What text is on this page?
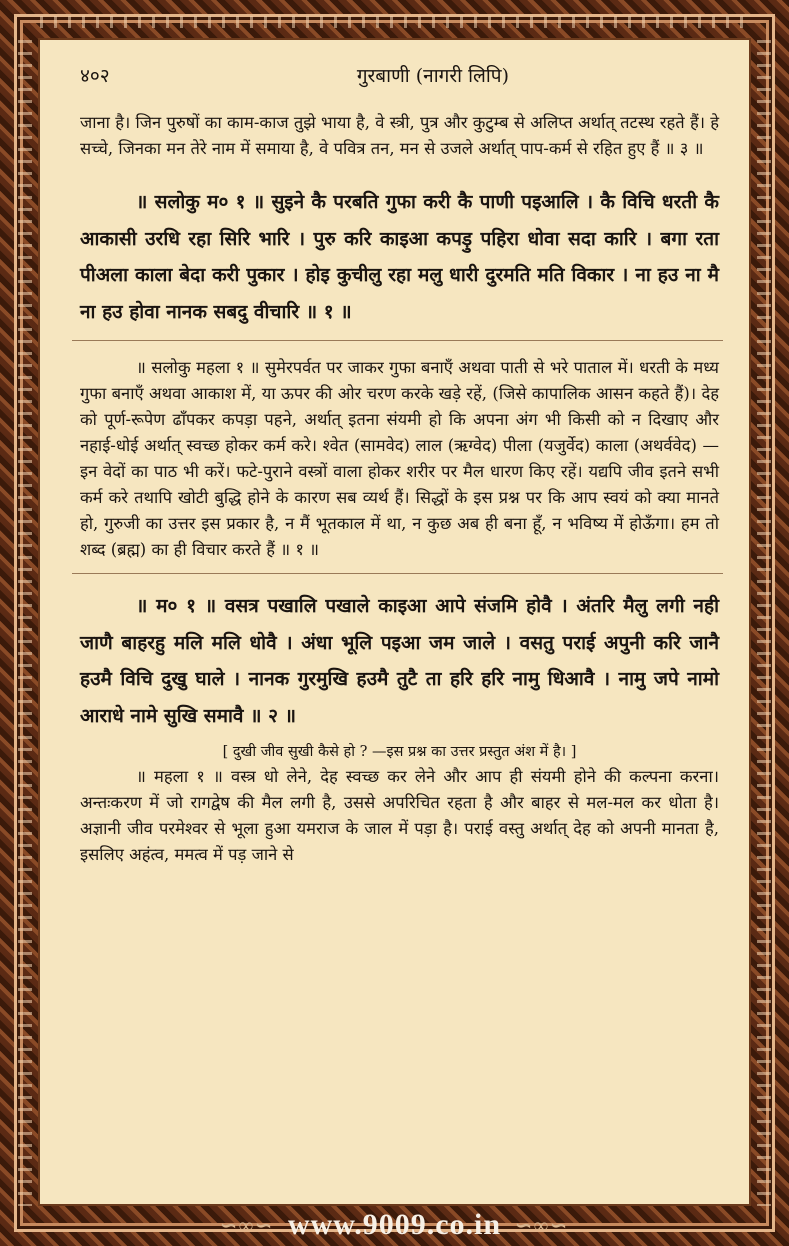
४०२	गुरबाणी (नागरी लिपि)

जाना है। जिन पुरुषों का काम-काज तुझे भाया है, वे स्त्री, पुत्र और कुटुम्ब से अलिप्त अर्थात् तटस्थ रहते हैं। हे सच्चे, जिनका मन तेरे नाम में समाया है, वे पवित्र तन, मन से उजले अर्थात् पाप-कर्म से रहित हुए हैं ॥ ३ ॥

॥ सलोकु म० १ ॥ सुइने कै परबति गुफा करी कै पाणी पइआलि । कै विचि धरती कै आकासी उरधि रहा सिरि भारि । पुरु करि काइआ कपड़ु पहिरा धोवा सदा कारि । बगा रता पीअला काला बेदा करी पुकार । होइ कुचीलु रहा मलु धारी दुरमति मति विकार । ना हउ ना मै ना हउ होवा नानक सबदु वीचारि ॥ १ ॥

॥ सलोकु महला १ ॥ सुमेरपर्वत पर जाकर गुफा बनाएँ अथवा पाती से भरे पाताल में। धरती के मध्य गुफा बनाएँ अथवा आकाश में, या ऊपर की ओर चरण करके खड़े रहें, (जिसे कापालिक आसन कहते हैं)। देह को पूर्ण-रूपेण ढाँपकर कपड़ा पहने, अर्थात् इतना संयमी हो कि अपना अंग भी किसी को न दिखाए और नहाई-धोई अर्थात् स्वच्छ होकर कर्म करे। श्वेत (सामवेद) लाल (ऋग्वेद) पीला (यजुर्वेद) काला (अथर्ववेद) —इन वेदों का पाठ भी करें। फटे-पुराने वस्त्रों वाला होकर शरीर पर मैल धारण किए रहें। यद्यपि जीव इतने सभी कर्म करे तथापि खोटी बुद्धि होने के कारण सब व्यर्थ हैं। सिद्धों के इस प्रश्न पर कि आप स्वयं को क्या मानते हो, गुरुजी का उत्तर इस प्रकार है, न मैं भूतकाल में था, न कुछ अब ही बना हूँ, न भविष्य में होऊँगा। हम तो शब्द (ब्रह्म) का ही विचार करते हैं ॥ १ ॥

॥ म० १ ॥ वसत्र पखालि पखाले काइआ आपे संजमि होवै । अंतरि मैलु लगी नही जाणै बाहरहु मलि मलि धोवै । अंधा भूलि पइआ जम जाले । वसतु पराई अपुनी करि जानै हउमै विचि दुखु घाले । नानक गुरमुखि हउमै तुटै ता हरि हरि नामु धिआवै । नामु जपे नामो आराधे नामे सुखि समावै ॥ २ ॥

[ दुखी जीव सुखी कैसे हो ? —इस प्रश्न का उत्तर प्रस्तुत अंश में है। ]

॥ महला १ ॥ वस्त्र धो लेने, देह स्वच्छ कर लेने और आप ही संयमी होने की कल्पना करना। अन्तःकरण में जो रागद्वेष की मैल लगी है, उससे अपरिचित रहता है और बाहर से मल-मल कर धोता है। अज्ञानी जीव परमेश्वर से भूला हुआ यमराज के जाल में पड़ा है। पराई वस्तु अर्थात् देह को अपनी मानता है, इसलिए अहंत्व, ममत्व में पड़ जाने से

∽∞∽ www.9009.co.in ∽∞∽
